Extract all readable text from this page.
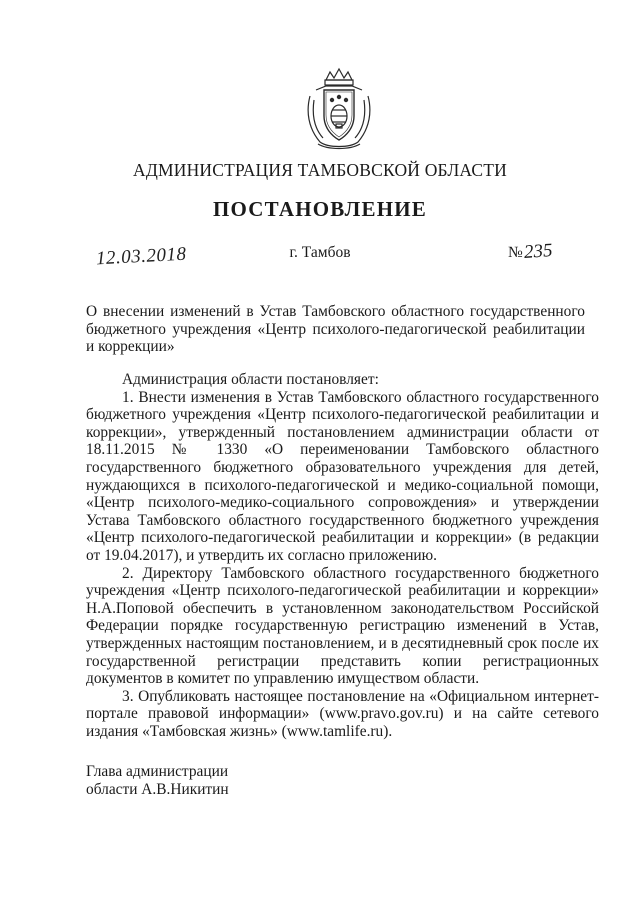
АДМИНИСТРАЦИЯ ТАМБОВСКОЙ ОБЛАСТИ
ПОСТАНОВЛЕНИЕ
12.03.2018	г. Тамбов	№235
О внесении изменений в Устав Тамбовского областного государственного бюджетного учреждения «Центр психолого-педагогической реабилитации и коррекции»

Администрация области постановляет:

1. Внести изменения в Устав Тамбовского областного государственного бюджетного учреждения «Центр психолого-педагогической реабилитации и коррекции», утвержденный постановлением администрации области от 18.11.2015 № 1330 «О переименовании Тамбовского областного государственного бюджетного образовательного учреждения для детей, нуждающихся в психолого-педагогической и медико-социальной помощи, «Центр психолого-медико-социального сопровождения» и утверждении Устава Тамбовского областного государственного бюджетного учреждения «Центр психолого-педагогической реабилитации и коррекции» (в редакции от 19.04.2017), и утвердить их согласно приложению.

2. Директору Тамбовского областного государственного бюджетного учреждения «Центр психолого-педагогической реабилитации и коррекции» Н.А.Поповой обеспечить в установленном законодательством Российской Федерации порядке государственную регистрацию изменений в Устав, утвержденных настоящим постановлением, и в десятидневный срок после их государственной регистрации представить копии регистрационных документов в комитет по управлению имуществом области.

3. Опубликовать настоящее постановление на «Официальном интернет-портале правовой информации» (www.pravo.gov.ru) и на сайте сетевого издания «Тамбовская жизнь» (www.tamlife.ru).

Глава администрации
области А.В.Никитин
